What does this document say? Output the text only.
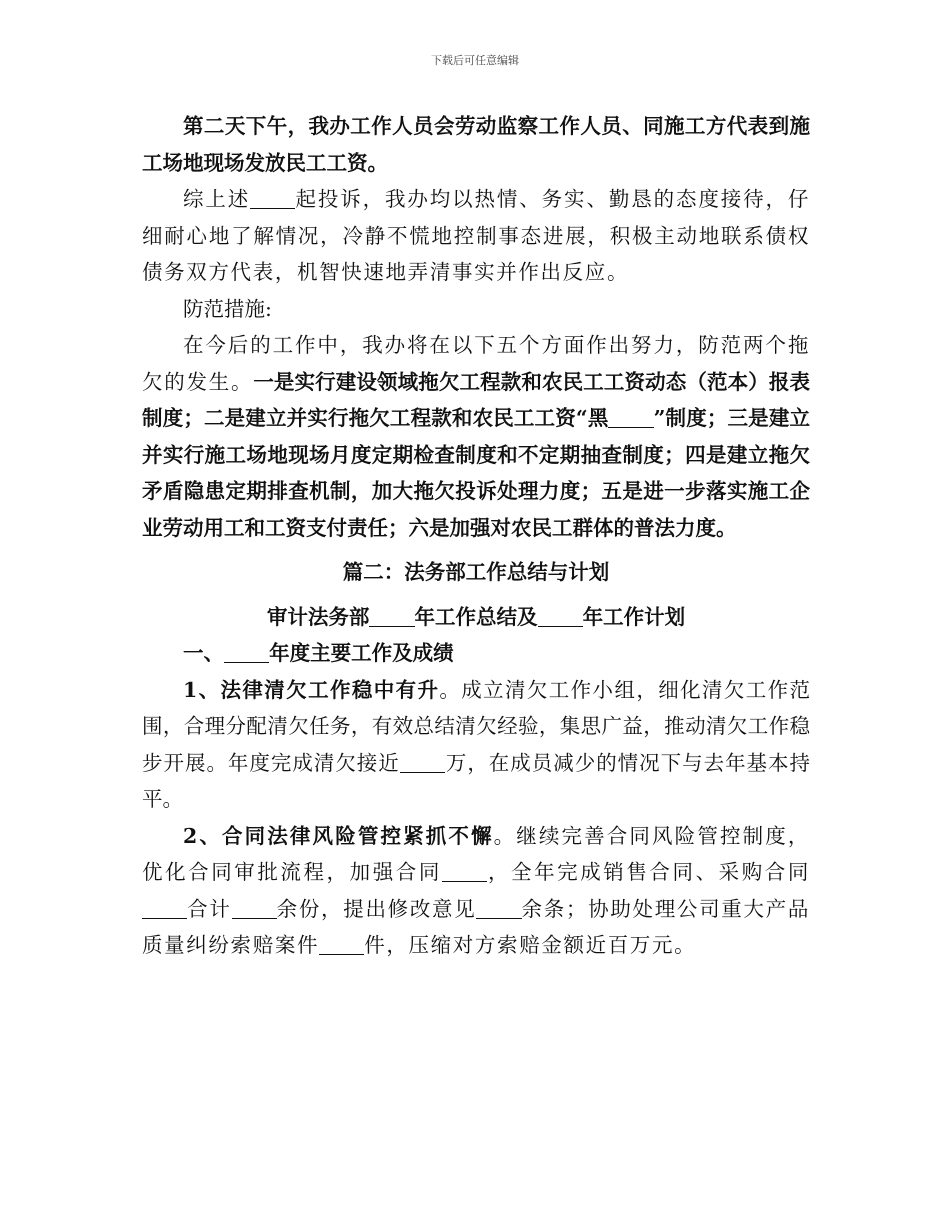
下载后可任意编辑

第二天下午，我办工作人员会劳动监察工作人员、同施工方代表到施工场地现场发放民工工资。

综上述 起投诉，我办均以热情、务实、勤恳的态度接待，仔细耐心地了解情况，冷静不慌地控制事态进展，积极主动地联系债权债务双方代表，机智快速地弄清事实并作出反应。

防范措施:

在今后的工作中，我办将在以下五个方面作出努力，防范两个拖欠的发生。一是实行建设领域拖欠工程款和农民工工资动态（范本）报表制度；二是建立并实行拖欠工程款和农民工工资“黑 ”制度；三是建立并实行施工场地现场月度定期检查制度和不定期抽查制度；四是建立拖欠矛盾隐患定期排查机制，加大拖欠投诉处理力度；五是进一步落实施工企业劳动用工和工资支付责任；六是加强对农民工群体的普法力度。

篇二：法务部工作总结与计划

审计法务部 年工作总结及 年工作计划

一、 年度主要工作及成绩

1、法律清欠工作稳中有升。成立清欠工作小组，细化清欠工作范围，合理分配清欠任务，有效总结清欠经验，集思广益，推动清欠工作稳步开展。年度完成清欠接近 万，在成员减少的情况下与去年基本持平。

2、合同法律风险管控紧抓不懈。继续完善合同风险管控制度，优化合同审批流程，加强合同 ，全年完成销售合同、采购合同合计 余份，提出修改意见 余条；协助处理公司重大产品质量纠纷索赔案件 件，压缩对方索赔金额近百万元。
